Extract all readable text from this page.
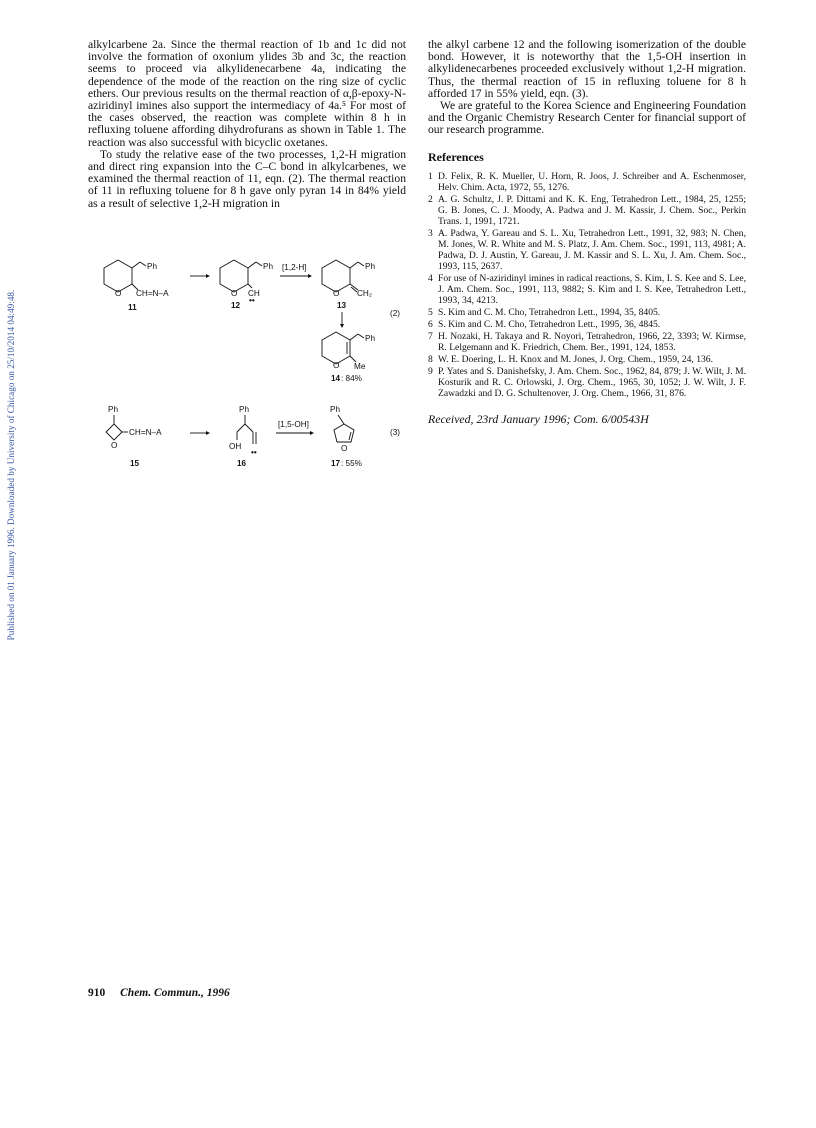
Published on 01 January 1996. Downloaded by University of Chicago on 25/10/2014 04:49:48.

alkylcarbene 2a. Since the thermal reaction of 1b and 1c did not involve the formation of oxonium ylides 3b and 3c, the reaction seems to proceed via alkylidenecarbene 4a, indicating the dependence of the mode of the reaction on the ring size of cyclic ethers. Our previous results on the thermal reaction of α,β-epoxy-N-aziridinyl imines also support the intermediacy of 4a.⁵ For most of the cases observed, the reaction was complete within 8 h in refluxing toluene affording dihydrofurans as shown in Table 1. The reaction was also successful with bicyclic oxetanes.

To study the relative ease of the two processes, 1,2-H migration and direct ring expansion into the C–C bond in alkylcarbenes, we examined the thermal reaction of 11, eqn. (2). The thermal reaction of 11 in refluxing toluene for 8 h gave only pyran 14 in 84% yield as a result of selective 1,2-H migration in

Ph
O CH=N–A
11
Ph
O CH
••
12
[1,2-H]	Ph
O CH₂
13
(2)
Ph
O Me
14 : 84%
Ph
CH=N–A
O
15
Ph
OH
••
16
[1,5-OH]
Ph
O
17 : 55%
(3)

the alkyl carbene 12 and the following isomerization of the double bond. However, it is noteworthy that the 1,5-OH insertion in alkylidenecarbenes proceeded exclusively without 1,2-H migration. Thus, the thermal reaction of 15 in refluxing toluene for 8 h afforded 17 in 55% yield, eqn. (3).

We are grateful to the Korea Science and Engineering Foundation and the Organic Chemistry Research Center for financial support of our research programme.

References
1 D. Felix, R. K. Mueller, U. Horn, R. Joos, J. Schreiber and A. Eschenmoser, Helv. Chim. Acta, 1972, 55, 1276.
2 A. G. Schultz, J. P. Dittami and K. K. Eng, Tetrahedron Lett., 1984, 25, 1255; G. B. Jones, C. J. Moody, A. Padwa and J. M. Kassir, J. Chem. Soc., Perkin Trans. 1, 1991, 1721.
3 A. Padwa, Y. Gareau and S. L. Xu, Tetrahedron Lett., 1991, 32, 983; N. Chen, M. Jones, W. R. White and M. S. Platz, J. Am. Chem. Soc., 1991, 113, 4981; A. Padwa, D. J. Austin, Y. Gareau, J. M. Kassir and S. L. Xu, J. Am. Chem. Soc., 1993, 115, 2637.
4 For use of N-aziridinyl imines in radical reactions, S. Kim, I. S. Kee and S. Lee, J. Am. Chem. Soc., 1991, 113, 9882; S. Kim and I. S. Kee, Tetrahedron Lett., 1993, 34, 4213.
5 S. Kim and C. M. Cho, Tetrahedron Lett., 1994, 35, 8405.
6 S. Kim and C. M. Cho, Tetrahedron Lett., 1995, 36, 4845.
7 H. Nozaki, H. Takaya and R. Noyori, Tetrahedron, 1966, 22, 3393; W. Kirmse, R. Lelgemann and K. Friedrich, Chem. Ber., 1991, 124, 1853.
8 W. E. Doering, L. H. Knox and M. Jones, J. Org. Chem., 1959, 24, 136.
9 P. Yates and S. Danishefsky, J. Am. Chem. Soc., 1962, 84, 879; J. W. Wilt, J. M. Kosturik and R. C. Orlowski, J. Org. Chem., 1965, 30, 1052; J. W. Wilt, J. F. Zawadzki and D. G. Schultenover, J. Org. Chem., 1966, 31, 876.
Received, 23rd January 1996; Com. 6/00543H
910 Chem. Commun., 1996
